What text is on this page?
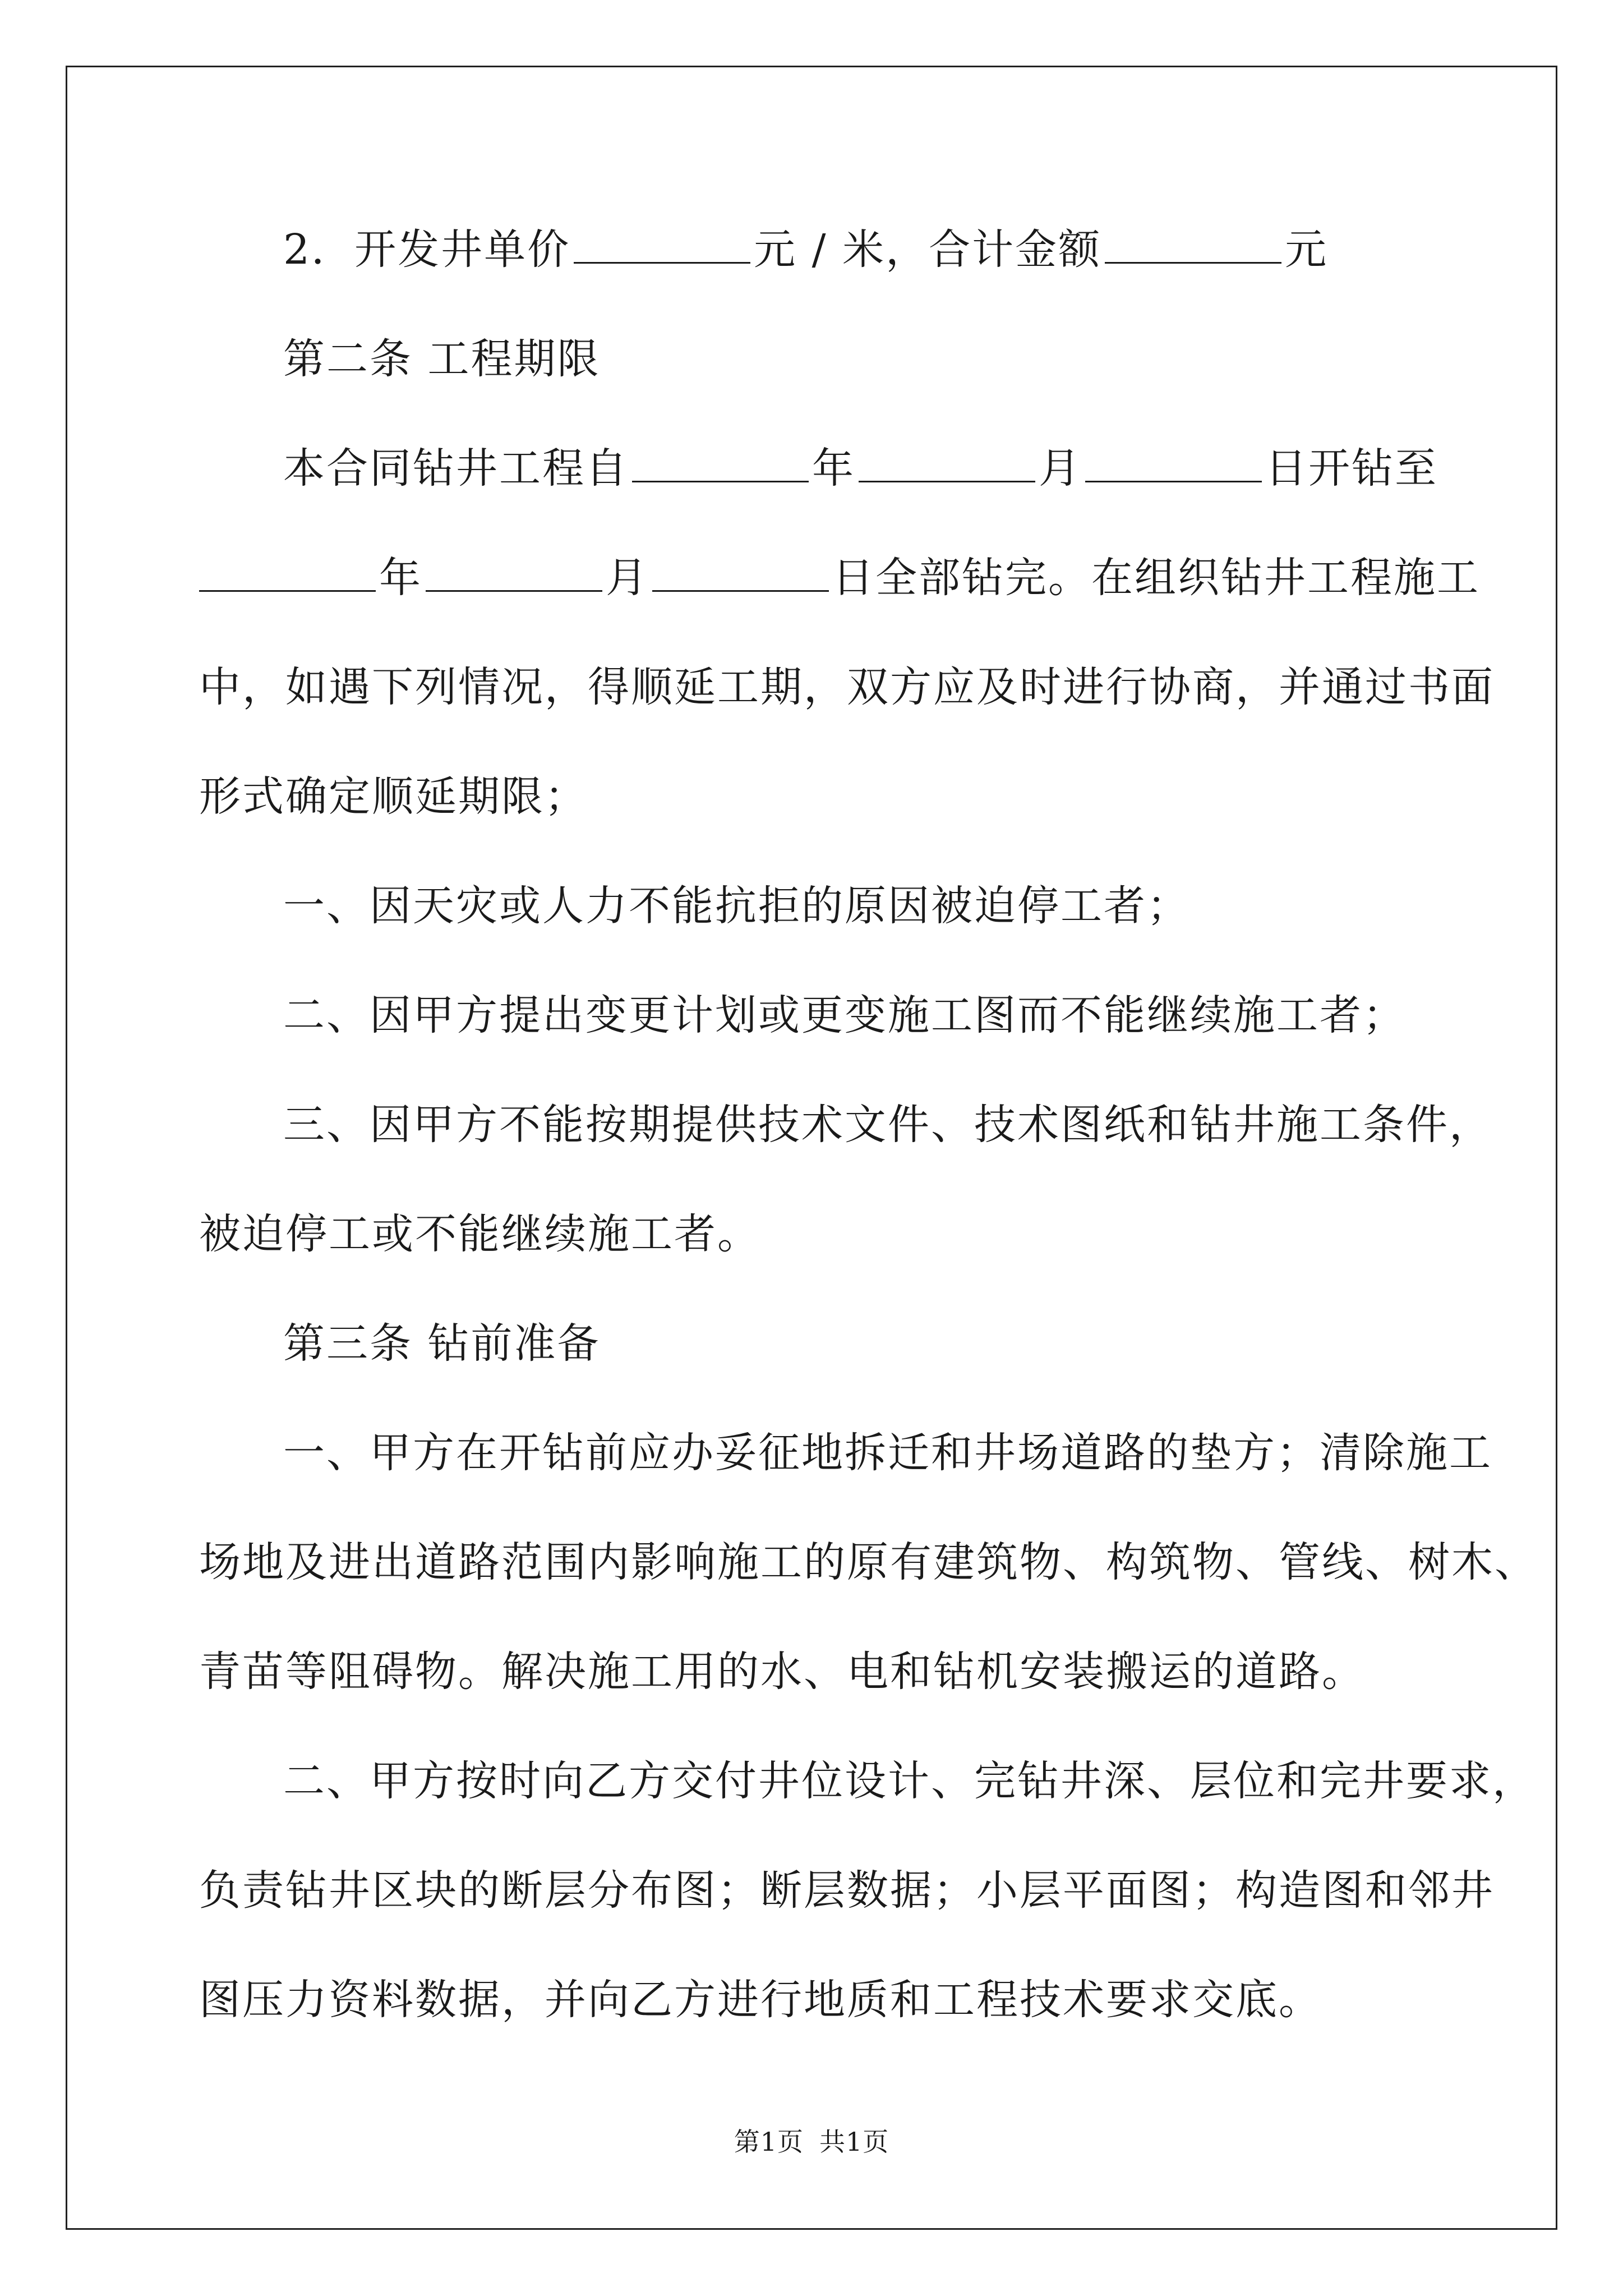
2．开发井单价	元 / 米，合计金额	元
第二条 工程期限
本合同钻井工程自	年	月	日开钻至
年	月	日全部钻完。在组织钻井工程施工
中，如遇下列情况，得顺延工期，双方应及时进行协商，并通过书面
形式确定顺延期限；
一、因天灾或人力不能抗拒的原因被迫停工者；
二、因甲方提出变更计划或更变施工图而不能继续施工者；
三、因甲方不能按期提供技术文件、技术图纸和钻井施工条件，
被迫停工或不能继续施工者。
第三条 钻前准备
一、甲方在开钻前应办妥征地拆迁和井场道路的垫方；清除施工
场地及进出道路范围内影响施工的原有建筑物、构筑物、管线、树木、
青苗等阻碍物。解决施工用的水、电和钻机安装搬运的道路。
二、甲方按时向乙方交付井位设计、完钻井深、层位和完井要求，
负责钻井区块的断层分布图；断层数据；小层平面图；构造图和邻井
图压力资料数据，并向乙方进行地质和工程技术要求交底。
第1页 共1页
